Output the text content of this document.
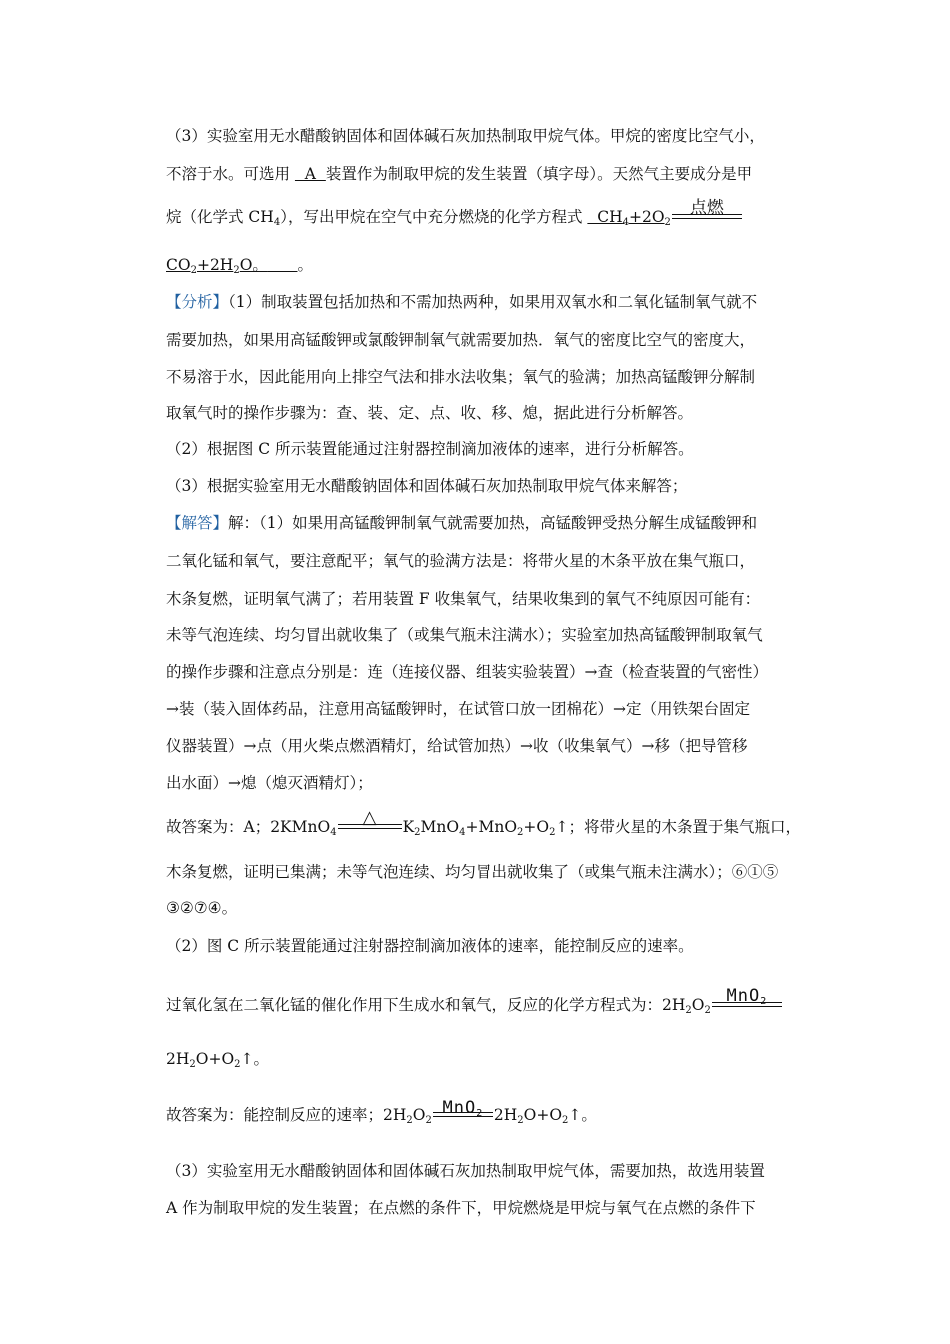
（3）实验室用无水醋酸钠固体和固体碱石灰加热制取甲烷气体。甲烷的密度比空气小，
不溶于水。可选用   A  装置作为制取甲烷的发生装置（填字母）。天然气主要成分是甲
烷（化学式 $CH_4$），写出甲烷在空气中充分燃烧的化学方程式   $CH_4+2O_2$
点燃
$CO_2+2H_2O$。 。
【分析】（1）制取装置包括加热和不需加热两种，如果用双氧水和二氧化锰制氧气就不
需要加热，如果用高锰酸钾或氯酸钾制氧气就需要加热．氧气的密度比空气的密度大，
不易溶于水，因此能用向上排空气法和排水法收集；氧气的验满；加热高锰酸钾分解制
取氧气时的操作步骤为：查、装、定、点、收、移、熄，据此进行分析解答。
（2）根据图 C 所示装置能通过注射器控制滴加液体的速率，进行分析解答。
（3）根据实验室用无水醋酸钠固体和固体碱石灰加热制取甲烷气体来解答；
【解答】解：（1）如果用高锰酸钾制氧气就需要加热，高锰酸钾受热分解生成锰酸钾和
二氧化锰和氧气，要注意配平；氧气的验满方法是：将带火星的木条平放在集气瓶口，
木条复燃，证明氧气满了；若用装置 F 收集氧气，结果收集到的氧气不纯原因可能有：
未等气泡连续、均匀冒出就收集了（或集气瓶未注满水）；实验室加热高锰酸钾制取氧气
的操作步骤和注意点分别是：连（连接仪器、组装实验装置）→查（检查装置的气密性）
→装（装入固体药品，注意用高锰酸钾时，在试管口放一团棉花）→定（用铁架台固定
仪器装置）→点（用火柴点燃酒精灯，给试管加热）→收（收集氧气）→移（把导管移
出水面）→熄（熄灭酒精灯）；
故答案为：A；2KMnO$_4$
△	$K_2MnO_4+MnO_2+O_2↑$；将带火星的木条置于集气瓶口，
木条复燃，证明已集满；未等气泡连续、均匀冒出就收集了（或集气瓶未注满水）；⑥①⑤
③②⑦④。
（2）图 C 所示装置能通过注射器控制滴加液体的速率，能控制反应的速率。
过氧化氢在二氧化锰的催化作用下生成水和氧气，反应的化学方程式为：$2H_2O_2$
MnO$_2$
$2H_2O+O_2↑$。
故答案为：能控制反应的速率；$2H_2O_2$
MnO$_2$ $2H_2O+O_2↑$。
（3）实验室用无水醋酸钠固体和固体碱石灰加热制取甲烷气体，需要加热，故选用装置
A 作为制取甲烷的发生装置；在点燃的条件下，甲烷燃烧是甲烷与氧气在点燃的条件下
